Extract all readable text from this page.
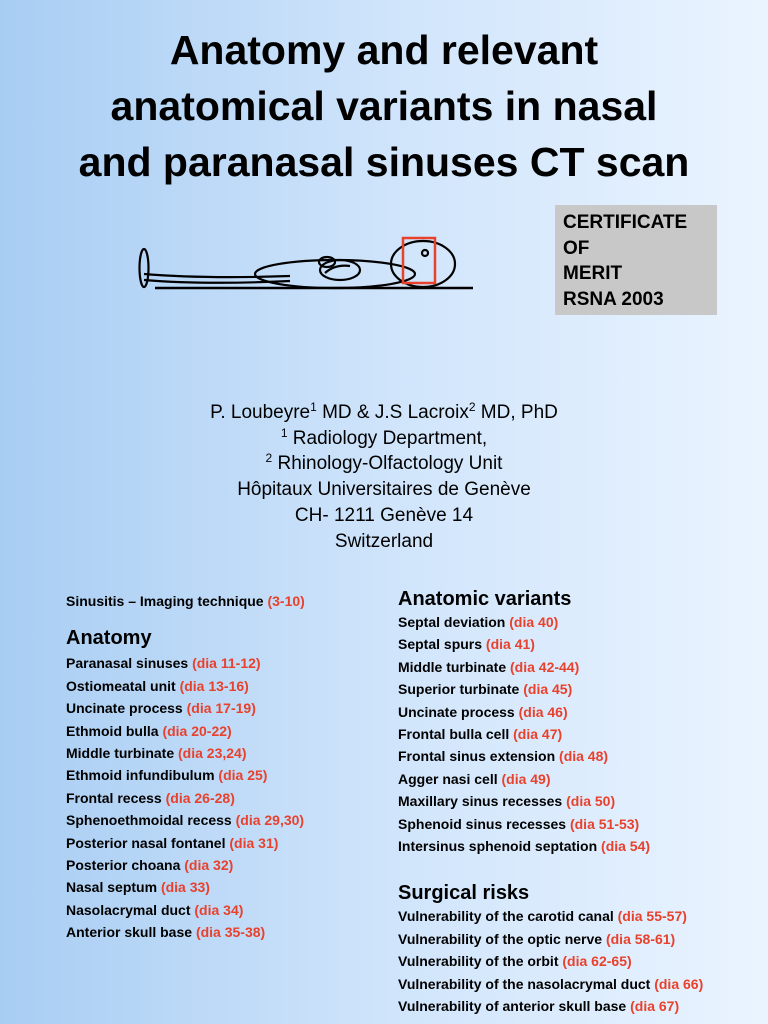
Anatomy and relevant
anatomical variants in nasal
and paranasal sinuses CT scan
CERTIFICATE
OF
MERIT
RSNA 2003
P. Loubeyre$^1$ MD & J.S Lacroix$^2$ MD, PhD
$^1$ Radiology Department,
$^2$ Rhinology-Olfactology Unit
Hôpitaux Universitaires de Genève
CH- 1211 Genève 14
Switzerland
Sinusitis – Imaging technique (3-10)
Anatomy
Paranasal sinuses (dia 11-12)
Ostiomeatal unit (dia 13-16)
Uncinate process (dia 17-19)
Ethmoid bulla (dia 20-22)
Middle turbinate (dia 23,24)
Ethmoid infundibulum (dia 25)
Frontal recess (dia 26-28)
Sphenoethmoidal recess (dia 29,30)
Posterior nasal fontanel (dia 31)
Posterior choana (dia 32)
Nasal septum (dia 33)
Nasolacrymal duct (dia 34)
Anterior skull base (dia 35-38)
Anatomic variants
Septal deviation (dia 40)
Septal spurs (dia 41)
Middle turbinate (dia 42-44)
Superior turbinate (dia 45)
Uncinate process (dia 46)
Frontal bulla cell (dia 47)
Frontal sinus extension (dia 48)
Agger nasi cell (dia 49)
Maxillary sinus recesses (dia 50)
Sphenoid sinus recesses (dia 51-53)
Intersinus sphenoid septation (dia 54)
Surgical risks
Vulnerability of the carotid canal (dia 55-57)
Vulnerability of the optic nerve (dia 58-61)
Vulnerability of the orbit (dia 62-65)
Vulnerability of the nasolacrymal duct (dia 66)
Vulnerability of anterior skull base (dia 67)
